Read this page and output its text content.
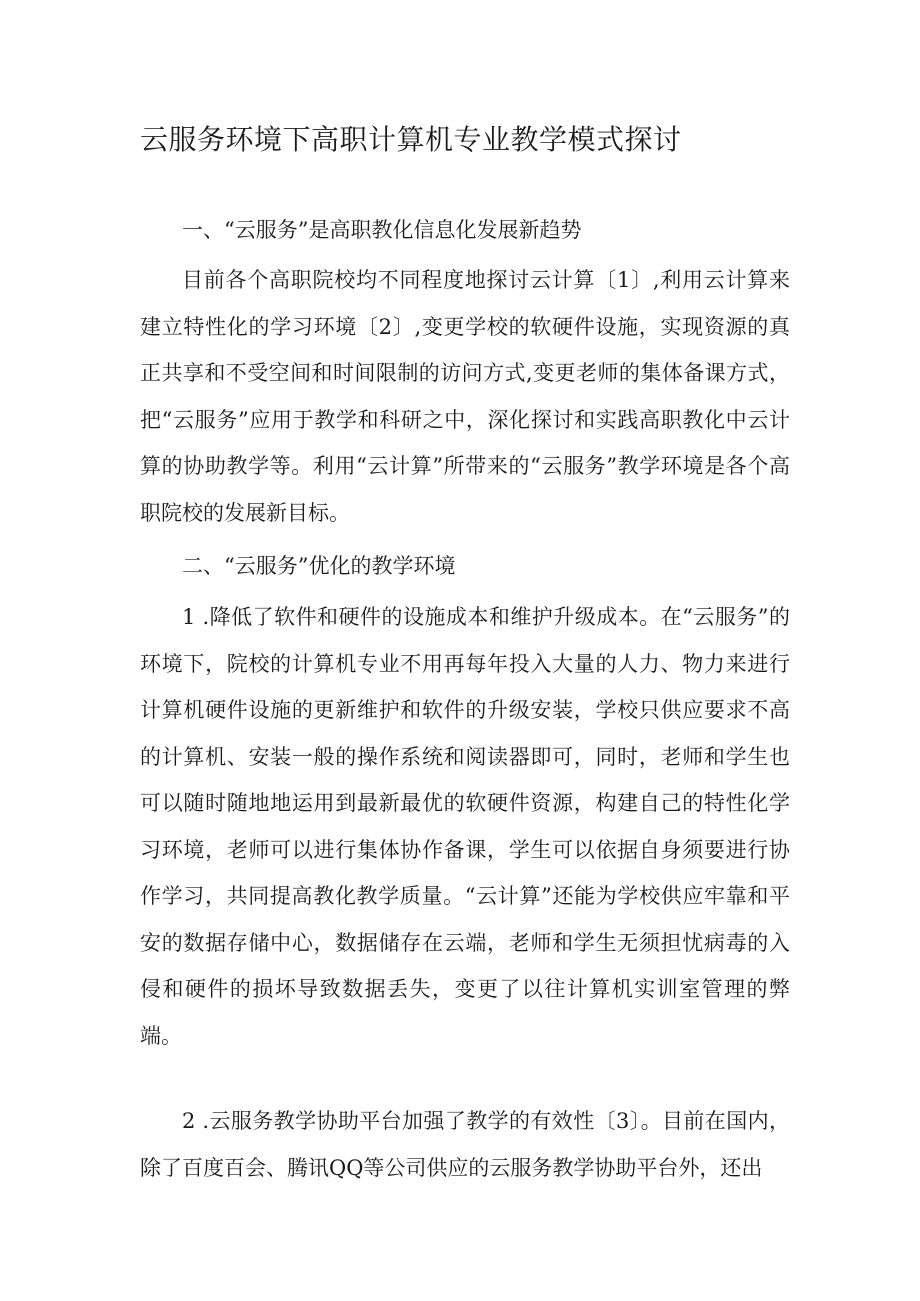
云服务环境下高职计算机专业教学模式探讨

一、“云服务”是高职教化信息化发展新趋势

目前各个高职院校均不同程度地探讨云计算〔1〕,利用云计算来建立特性化的学习环境〔2〕,变更学校的软硬件设施，实现资源的真正共享和不受空间和时间限制的访问方式,变更老师的集体备课方式，把“云服务”应用于教学和科研之中，深化探讨和实践高职教化中云计算的协助教学等。利用“云计算”所带来的“云服务”教学环境是各个高职院校的发展新目标。

二、“云服务”优化的教学环境

1 .降低了软件和硬件的设施成本和维护升级成本。在“云服务”的环境下，院校的计算机专业不用再每年投入大量的人力、物力来进行计算机硬件设施的更新维护和软件的升级安装，学校只供应要求不高的计算机、安装一般的操作系统和阅读器即可，同时，老师和学生也可以随时随地地运用到最新最优的软硬件资源，构建自己的特性化学习环境，老师可以进行集体协作备课，学生可以依据自身须要进行协作学习，共同提高教化教学质量。“云计算”还能为学校供应牢靠和平安的数据存储中心，数据储存在云端，老师和学生无须担忧病毒的入侵和硬件的损坏导致数据丢失，变更了以往计算机实训室管理的弊端。

2 .云服务教学协助平台加强了教学的有效性〔3〕。目前在国内，除了百度百会、腾讯QQ等公司供应的云服务教学协助平台外，还出
